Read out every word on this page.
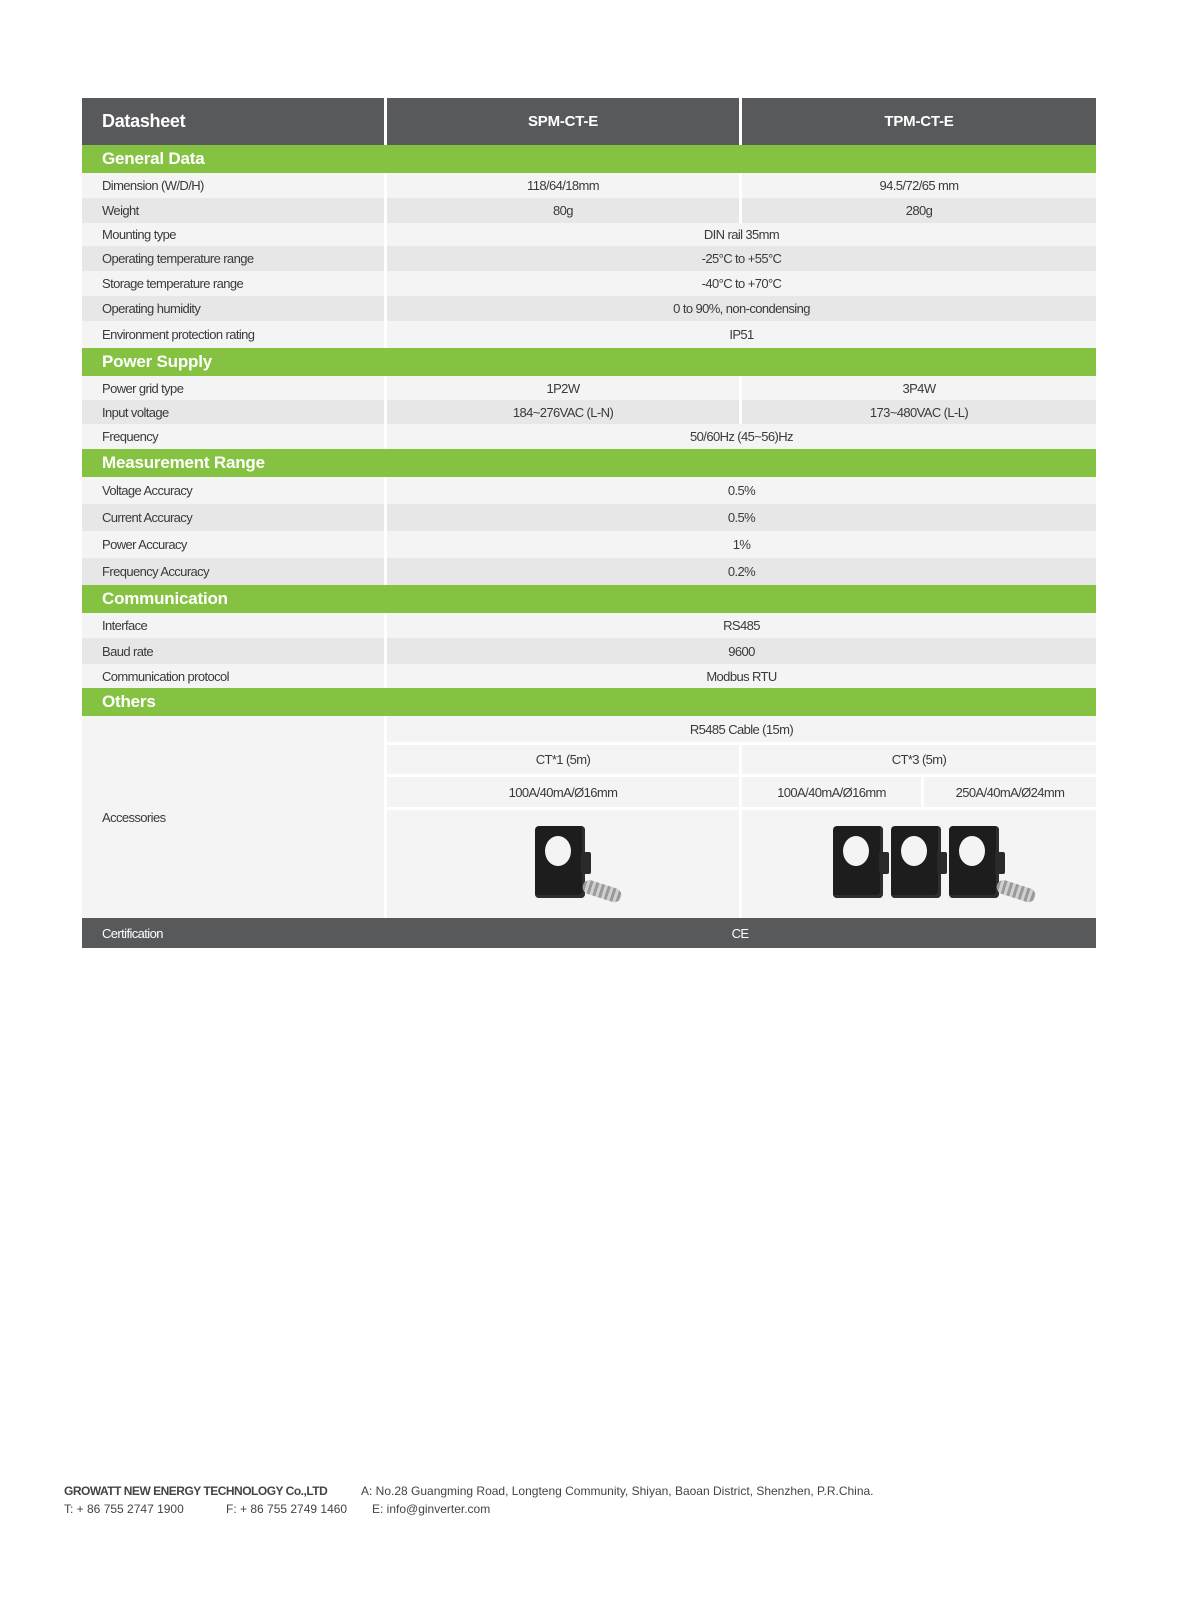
Datasheet	SPM-CT-E	TPM-CT-E
General Data
Dimension (W/D/H)	118/64/18mm	94.5/72/65 mm
Weight	80g	280g
Mounting type	DIN rail 35mm
Operating temperature range	-25°C to +55°C
Storage temperature range	-40°C to +70°C
Operating humidity	0 to 90%, non-condensing
Environment protection rating	IP51
Power Supply
Power grid type	1P2W	3P4W
Input voltage	184~276VAC (L-N)	173~480VAC (L-L)
Frequency	50/60Hz (45~56)Hz
Measurement Range
Voltage Accuracy	0.5%
Current Accuracy	0.5%
Power Accuracy	1%
Frequency Accuracy	0.2%
Communication
Interface	RS485
Baud rate	9600
Communication protocol	Modbus RTU
Others
Accessories
R5485 Cable (15m)
CT*1 (5m)	CT*3 (5m)
100A/40mA/Ø16mm	100A/40mA/Ø16mm	250A/40mA/Ø24mm
Certification	CE
GROWATT NEW ENERGY TECHNOLOGY Co.,LTD	A: No.28 Guangming Road, Longteng Community, Shiyan, Baoan District, Shenzhen, P.R.China.
T: + 86 755 2747 1900	F: + 86 755 2749 1460 E: info@ginverter.com
